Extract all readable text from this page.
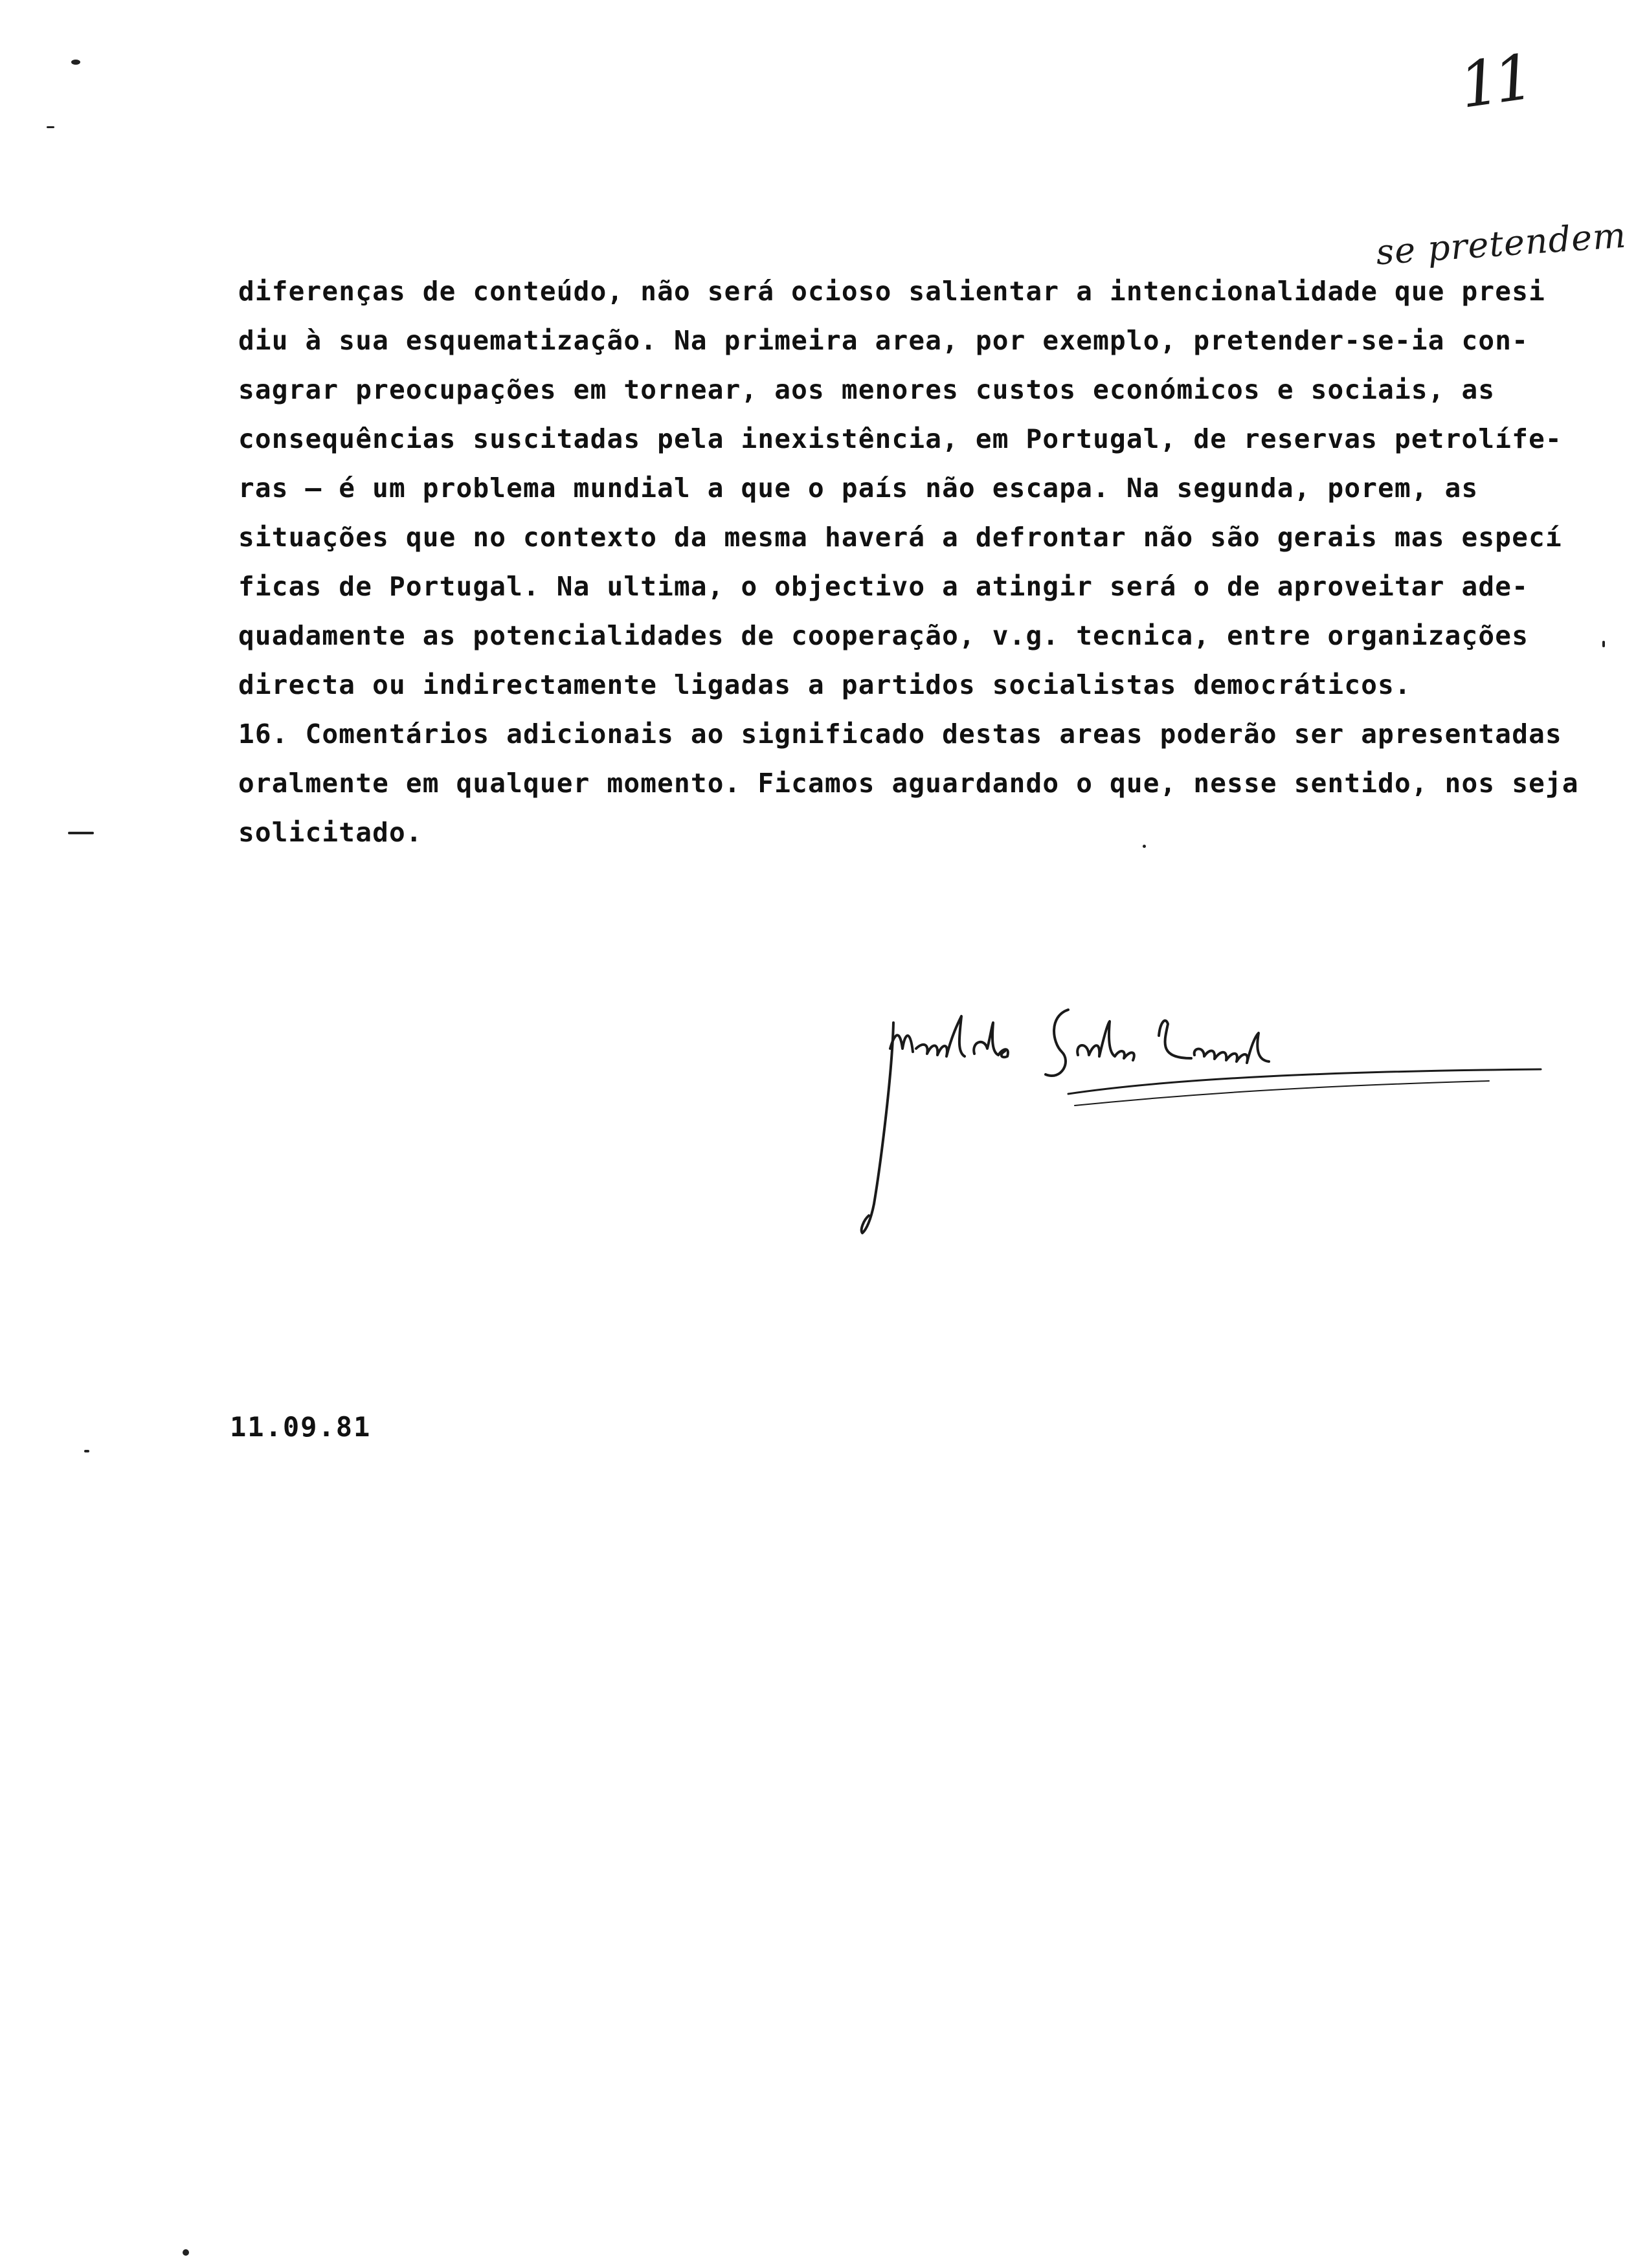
11
se pretendem
diferenças de conteúdo, não será ocioso salientar a intencionalidade que presi
diu à sua esquematização. Na primeira area, por exemplo, pretender-se-ia con-
sagrar preocupações em tornear, aos menores custos económicos e sociais, as
consequências suscitadas pela inexistência, em Portugal, de reservas petrolífe-
ras – é um problema mundial a que o país não escapa. Na segunda, porem, as
situações que no contexto da mesma haverá a defrontar não são gerais mas especí
ficas de Portugal. Na ultima, o objectivo a atingir será o de aproveitar ade-
quadamente as potencialidades de cooperação, v.g. tecnica, entre organizações
directa ou indirectamente ligadas a partidos socialistas democráticos.
16. Comentários adicionais ao significado destas areas poderão ser apresentadas
oralmente em qualquer momento. Ficamos aguardando o que, nesse sentido, nos seja
solicitado.
11.09.81
